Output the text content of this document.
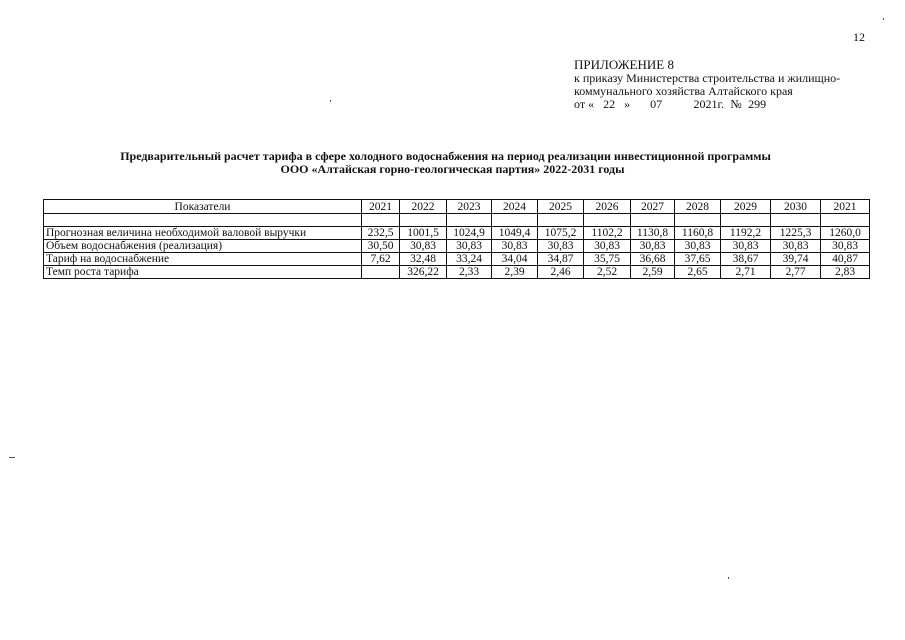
12
ПРИЛОЖЕНИЕ 8
к приказу Министерства строительства и жилищно-
коммунального хозяйства Алтайского края
от « 22 » 07	2021г. № 299
Предварительный расчет тарифа в сфере холодного водоснабжения на период реализации инвестиционной программы
ООО «Алтайская горно-геологическая партия» 2022-2031 годы
Показатели	2021	2022	2023	2024	2025	2026	2027	2028	2029	2030	2021

Прогнозная величина необходимой валовой выручки	232,5	1001,5	1024,9	1049,4	1075,2	1102,2	1130,8	1160,8	1192,2	1225,3	1260,0
Объем водоснабжения (реализация)	30,50	30,83	30,83	30,83	30,83	30,83	30,83	30,83	30,83	30,83	30,83
Тариф на водоснабжение	7,62	32,48	33,24	34,04	34,87	35,75	36,68	37,65	38,67	39,74	40,87
Темп роста тарифа		326,22	2,33	2,39	2,46	2,52	2,59	2,65	2,71	2,77	2,83
